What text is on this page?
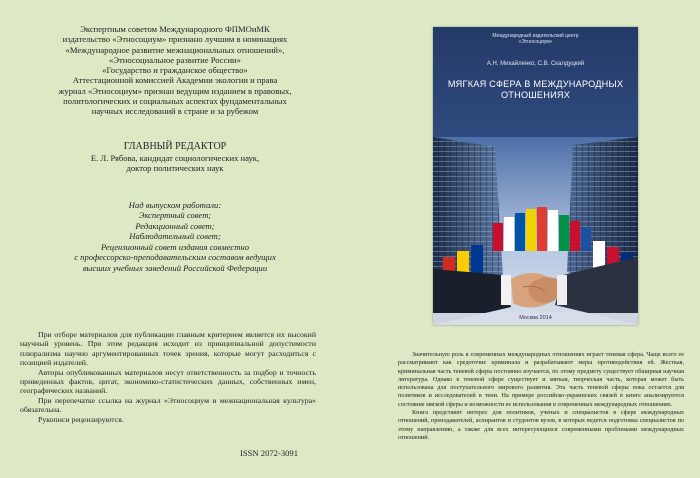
Экспертным советом Международного ФПМОиМК
издательство «Этносоциум» признано лучшим в номинациях
«Международное развитие межнациональных отношений»,
«Этносоциальное развитие России»
«Государство и гражданское общество»
Аттестационной комиссией Академии экологии и права
журнал «Этносоциум» признан ведущим изданием в правовых,
политологических и социальных аспектах фундаментальных
научных исследований в стране и за рубежом
ГЛАВНЫЙ РЕДАКТОР
Е. Л. Рябова, кандидат социологических наук,
доктор политических наук
Над выпуском работали:
Экспертный совет;
Редакционный совет;
Наблюдательный совет;
Рецензионный совет издания совместно
с профессорско-преподавательским составом ведущих
высших учебных заведений Российской Федерации

При отборе материалов для публикации главным критерием является их высокий научный уровень. При этом редакция исходит из принципиальной допустимости плюрализма научно аргументированных точек зрения, которые могут расходиться с позицией издателей.

Авторы опубликованных материалов несут ответственность за подбор и точность приведенных фактов, цитат, экономико-статистических данных, собственных имен, географических названий.

При перепечатке ссылка на журнал «Этносоциум и межнациональная культура» обязательна.

Рукописи рецензируются.

ISSN 2072-3091
Международный издательский центр
«Этносоциум»
А.Н. Михайленко, С.В. Скалдуцкий
МЯГКАЯ СФЕРА В МЕЖДУНАРОДНЫХ
ОТНОШЕНИЯХ
Москва 2014

Значительную роль в современных международных отношениях играет теневая сфера. Чаще всего ее рассматривают как средоточие криминала и разрабатывают меры противодействия ей. Жесткая, криминальная часть теневой сферы постоянно изучается, по этому предмету существует обширная научная литература. Однако в теневой сфере существует и мягкая, творческая часть, которая может быть использована для поступательного мирового развития. Эта часть теневой сферы пока остается для политиков и исследователей в тени. На примере российско-украинских связей в книге анализируются состояние мягкой сферы и возможности ее использования в современных международных отношениях.

Книга представит интерес для политиков, ученых и специалистов в сфере международных отношений, преподавателей, аспирантов и студентов вузов, в которых ведется подготовка специалистов по этому направлению, а также для всех интересующихся современными проблемами международных отношений.
